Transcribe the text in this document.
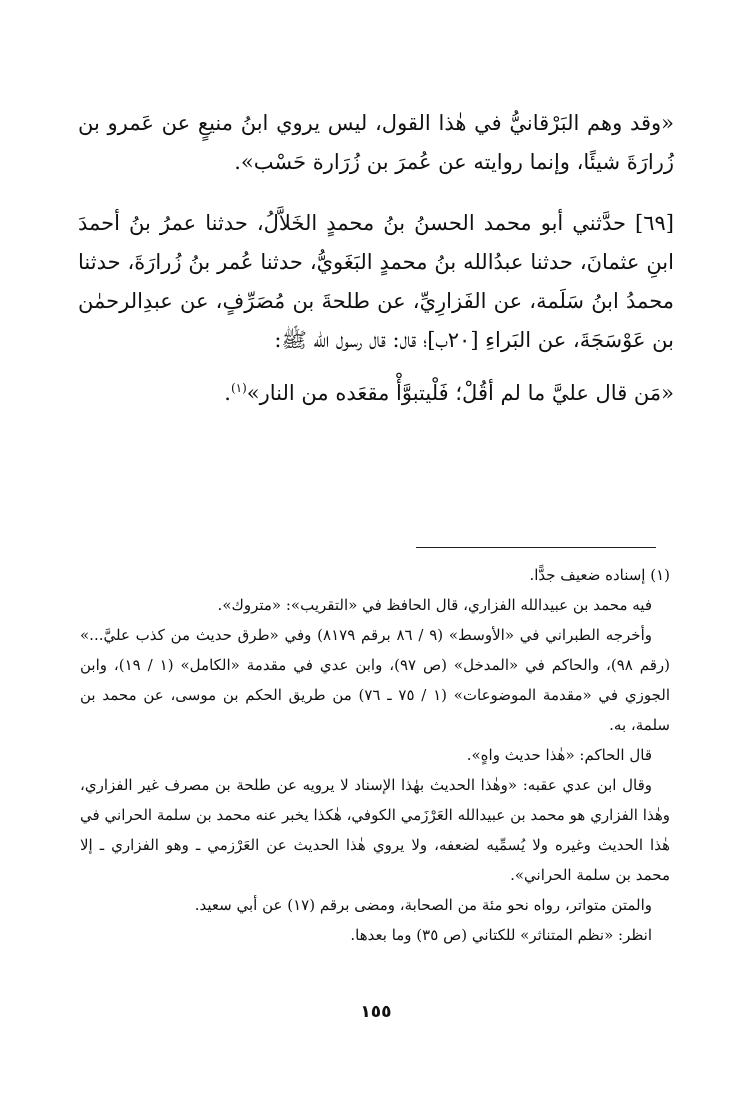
«وقد وهم البَرْقانيُّ في هٰذا القول، ليس يروي ابنُ منيعٍ عن عَمرو بن زُرارَةَ شيئًا، وإنما روايته عن عُمرَ بن زُرَارة حَسْب».

[٦٩] حدَّثني أبو محمد الحسنُ بنُ محمدٍ الخَلاَّلُ، حدثنا عمرُ بنُ أحمدَ ابنِ عثمانَ، حدثنا عبدُالله بنُ محمدٍ البَغَويُّ، حدثنا عُمر بنُ زُرارَةَ، حدثنا محمدُ ابنُ سَلَمة، عن الفَزارِيِّ، عن طلحةَ بن مُصَرِّفٍ، عن عبدِالرحمٰن بن عَوْسَجَةَ، عن البَراءِ [٢٠ب]؛ قال: قال رسول الله ﷺ:

«مَن قال عليَّ ما لم أقُلْ؛ فَلْيتبوَّأْ مقعَده من النار»$^{(١)}$.

(١) إسناده ضعيف جدًّا.

فيه محمد بن عبيدالله الفزاري، قال الحافظ في «التقريب»: «متروك».

وأخرجه الطبراني في «الأوسط» (٩ / ٨٦ برقم ٨١٧٩) وفي «طرق حديث من كذب عليَّ...» (رقم ٩٨)، والحاكم في «المدخل» (ص ٩٧)، وابن عدي في مقدمة «الكامل» (١ / ١٩)، وابن الجوزي في «مقدمة الموضوعات» (١ / ٧٥ ـ ٧٦) من طريق الحكم بن موسى، عن محمد بن سلمة، به.

قال الحاكم: «هٰذا حديث واهٍ».

وقال ابن عدي عقبه: «وهٰذا الحديث بهٰذا الإسناد لا يرويه عن طلحة بن مصرف غير الفزاري، وهٰذا الفزاري هو محمد بن عبيدالله العَرْزَمي الكوفي، هٰكذا يخبر عنه محمد بن سلمة الحراني في هٰذا الحديث وغيره ولا يُسمِّيه لضعفه، ولا يروي هٰذا الحديث عن العَرْزمي ـ وهو الفزاري ـ إلا محمد بن سلمة الحراني».

والمتن متواتر، رواه نحو مئة من الصحابة، ومضى برقم (١٧) عن أبي سعيد.

انظر: «نظم المتناثر» للكتاني (ص ٣٥) وما بعدها.

١٥٥
